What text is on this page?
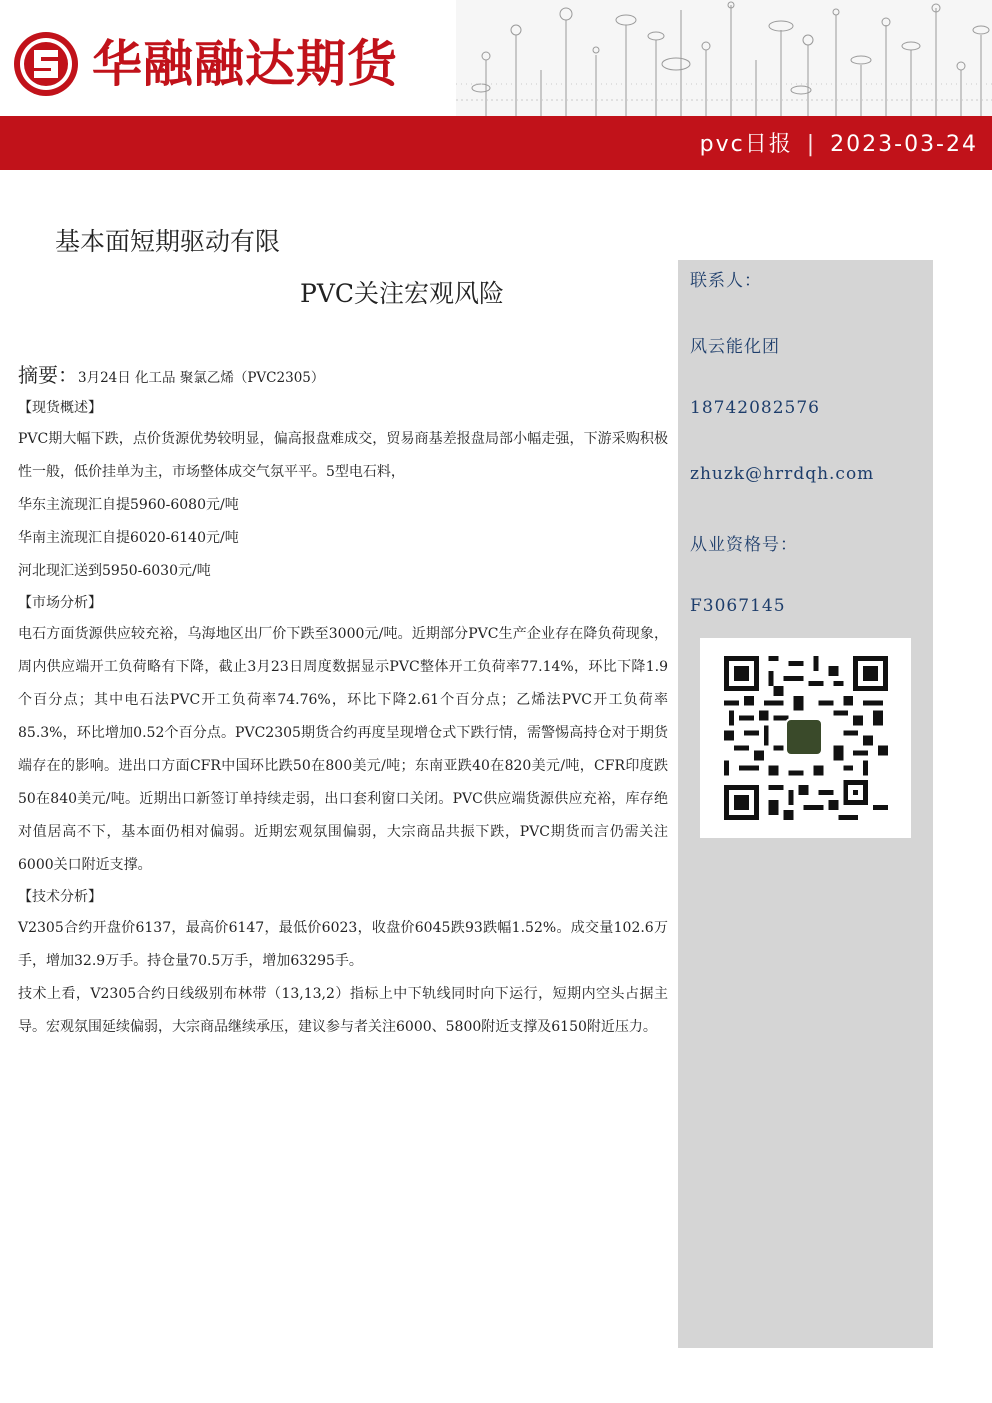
华融融达期货
pvc日报 | 2023-03-24
基本面短期驱动有限
PVC关注宏观风险
摘要：3月24日 化工品 聚氯乙烯（PVC2305）
【现货概述】
PVC期大幅下跌，点价货源优势较明显，偏高报盘难成交，贸易商基差报盘局部小幅走强，下游采购积极性一般，低价挂单为主，市场整体成交气氛平平。5型电石料，
华东主流现汇自提5960-6080元/吨
华南主流现汇自提6020-6140元/吨
河北现汇送到5950-6030元/吨
【市场分析】
电石方面货源供应较充裕，乌海地区出厂价下跌至3000元/吨。近期部分PVC生产企业存在降负荷现象，周内供应端开工负荷略有下降，截止3月23日周度数据显示PVC整体开工负荷率77.14%，环比下降1.9个百分点；其中电石法PVC开工负荷率74.76%，环比下降2.61个百分点；乙烯法PVC开工负荷率85.3%，环比增加0.52个百分点。PVC2305期货合约再度呈现增仓式下跌行情，需警惕高持仓对于期货端存在的影响。进出口方面CFR中国环比跌50在800美元/吨；东南亚跌40在820美元/吨，CFR印度跌50在840美元/吨。近期出口新签订单持续走弱，出口套利窗口关闭。PVC供应端货源供应充裕，库存绝对值居高不下，基本面仍相对偏弱。近期宏观氛围偏弱，大宗商品共振下跌，PVC期货而言仍需关注6000关口附近支撑。
【技术分析】
V2305合约开盘价6137，最高价6147，最低价6023，收盘价6045跌93跌幅1.52%。成交量102.6万手，增加32.9万手。持仓量70.5万手，增加63295手。
技术上看，V2305合约日线级别布林带（13,13,2）指标上中下轨线同时向下运行，短期内空头占据主导。宏观氛围延续偏弱，大宗商品继续承压，建议参与者关注6000、5800附近支撑及6150附近压力。
联系人：
风云能化团
18742082576
zhuzk@hrrdqh.com
从业资格号：
F3067145
